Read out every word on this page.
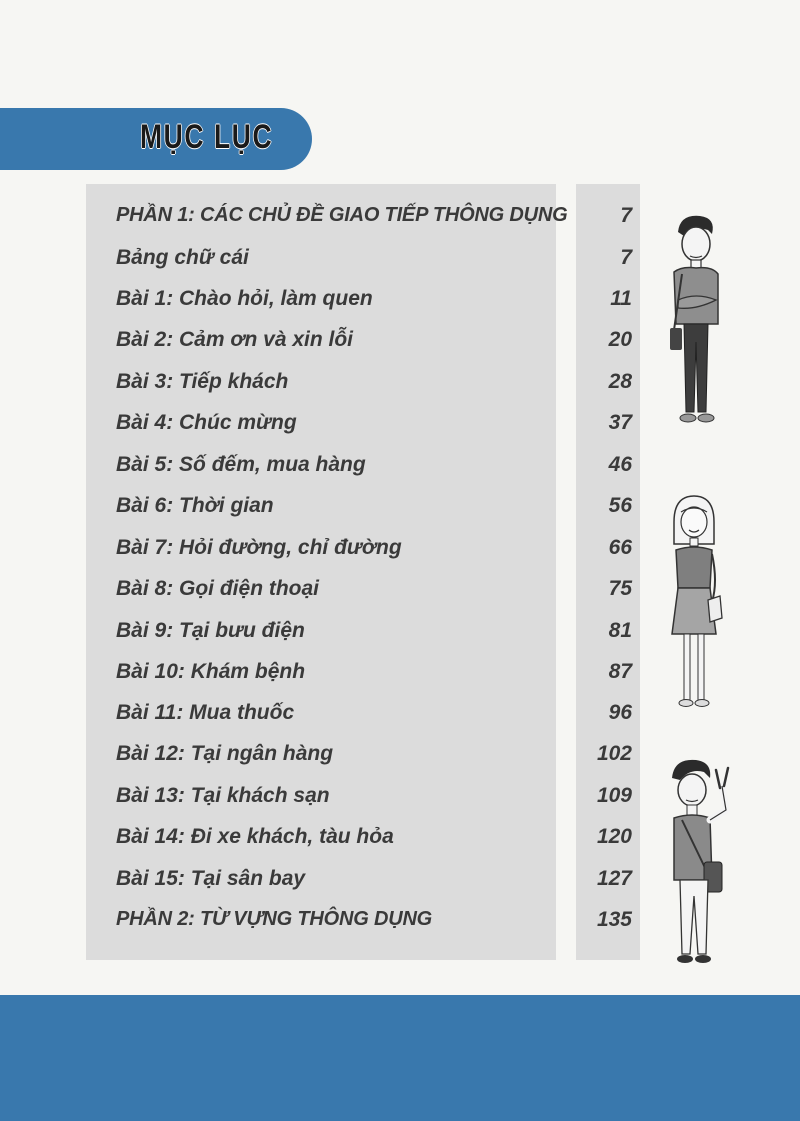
MỤC LỤC
PHẦN 1: CÁC CHỦ ĐỀ GIAO TIẾP THÔNG DỤNG	7
Bảng chữ cái	7
Bài 1: Chào hỏi, làm quen	11
Bài 2: Cảm ơn và xin lỗi	20
Bài 3: Tiếp khách	28
Bài 4: Chúc mừng	37
Bài 5: Số đếm, mua hàng	46
Bài 6: Thời gian	56
Bài 7: Hỏi đường, chỉ đường	66
Bài 8: Gọi điện thoại	75
Bài 9: Tại bưu điện	81
Bài 10: Khám bệnh	87
Bài 11: Mua thuốc	96
Bài 12: Tại ngân hàng	102
Bài 13: Tại khách sạn	109
Bài 14: Đi xe khách, tàu hỏa	120
Bài 15: Tại sân bay	127
PHẦN 2: TỪ VỰNG THÔNG DỤNG	135
